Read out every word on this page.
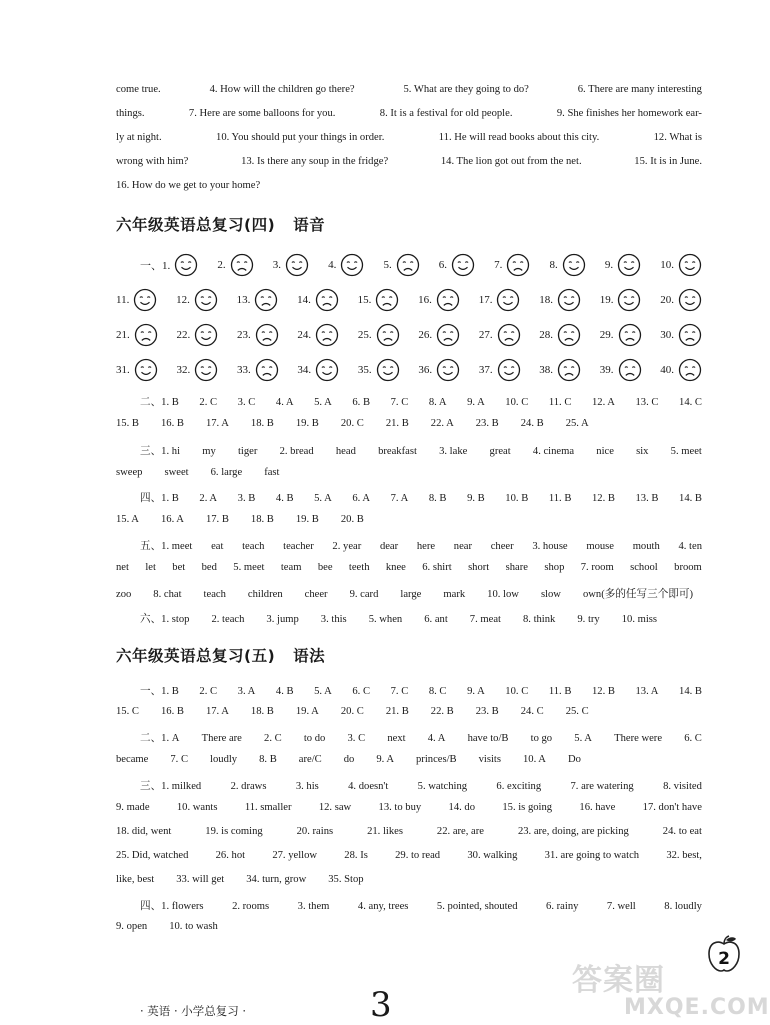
come true.	4. How will the children go there?	5. What are they going to do?	6. There are many interesting
things.	7. Here are some balloons for you.	8. It is a festival for old people.	9. She finishes her homework ear-
ly at night.	10. You should put your things in order.	11. He will read books about this city.	12. What is
wrong with him?	13. Is there any soup in the fridge?	14. The lion got out from the net.	15. It is in June.
16. How do we get to your home?
六年级英语总复习(四) 语音
一、1.	2.	3.	4.	5.	6.	7.	8.	9.	10.
11.	12.	13.	14.	15.	16.	17.	18.	19.	20.
21.	22.	23.	24.	25.	26.	27.	28.	29.	30.
31.	32.	33.	34.	35.	36.	37.	38.	39.	40.
二、1. B 2. C 3. C 4. A 5. A 6. B 7. C 8. A 9. A 10. C 11. C 12. A 13. C 14. C
15. B 16. B 17. A 18. B 19. B 20. C 21. B 22. A 23. B 24. B 25. A
三、1. hi my tiger 2. bread head breakfast 3. lake great 4. cinema nice six 5. meet
sweep sweet 6. large fast
四、1. B 2. A 3. B 4. B 5. A 6. A 7. A 8. B 9. B 10. B 11. B 12. B 13. B 14. B
15. A 16. A 17. B 18. B 19. B 20. B
五、1. meet eat teach teacher 2. year dear here near cheer 3. house mouse mouth 4. ten
net let bet bed 5. meet team bee teeth knee 6. shirt short share shop 7. room school broom
zoo 8. chat teach children cheer 9. card large mark 10. low slow own(多的任写三个即可)
六、1. stop 2. teach 3. jump 3. this 5. when 6. ant 7. meat 8. think 9. try 10. miss
六年级英语总复习(五) 语法
一、1. B 2. C 3. A 4. B 5. A 6. C 7. C 8. C 9. A 10. C 11. B 12. B 13. A 14. B
15. C 16. B 17. A 18. B 19. A 20. C 21. B 22. B 23. B 24. C 25. C
二、1. A There are 2. C to do 3. C next 4. A have to/B to go 5. A There were 6. C
became 7. C loudly 8. B are/C do 9. A princes/B visits 10. A Do
三、1. milked	2. draws	3. his	4. doesn't	5. watching	6. exciting	7. are watering	8. visited
9. made	10. wants	11. smaller	12. saw	13. to buy	14. do	15. is going	16. have	17. don't have
18. did, went	19. is coming	20. rains	21. likes	22. are, are	23. are, doing, are picking	24. to eat
25. Did, watched	26. hot	27. yellow	28. Is	29. to read	30. walking	31. are going to watch	32. best,
like, best 33. will get 34. turn, grow 35. Stop
四、1. flowers	2. rooms	3. them	4. any, trees	5. pointed, shouted	6. rainy	7. well	8. loudly
9. open 10. to wash
· 英语 · 小学总复习 ·	3
2
答案圈
MXQE.COM
